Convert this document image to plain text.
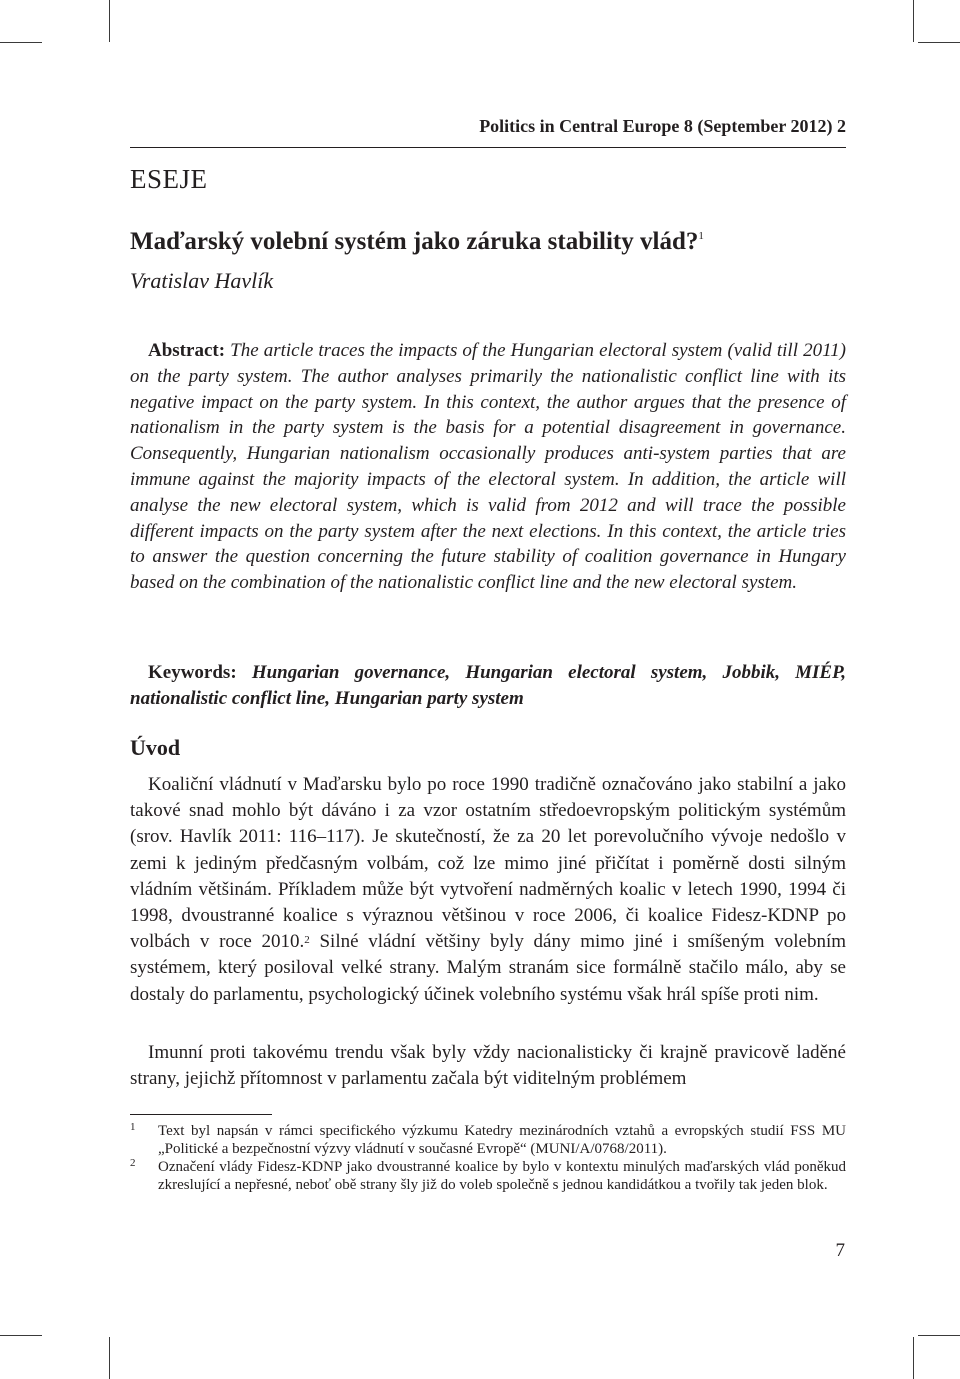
Politics in Central Europe 8 (September 2012) 2
ESEJE
Maďarský volební systém jako záruka stability vlád?$^1$
Vratislav Havlík

Abstract: The article traces the impacts of the Hungarian electoral system (valid till 2011) on the party system. The author analyses primarily the nationalistic conflict line with its negative impact on the party system. In this context, the author argues that the presence of nationalism in the party system is the basis for a potential disagreement in governance. Consequently, Hungarian nationalism occasionally produces anti-system parties that are immune against the majority impacts of the electoral system. In addition, the article will analyse the new electoral system, which is valid from 2012 and will trace the possible different impacts on the party system after the next elections. In this context, the article tries to answer the question concerning the future stability of coalition governance in Hungary based on the combination of the nationalistic conflict line and the new electoral system.

Keywords: Hungarian governance, Hungarian electoral system, Jobbik, MIÉP, nationalistic conflict line, Hungarian party system

Úvod

Koaliční vládnutí v Maďarsku bylo po roce 1990 tradičně označováno jako stabilní a jako takové snad mohlo být dáváno i za vzor ostatním středoevropským politickým systémům (srov. Havlík 2011: 116–117). Je skutečností, že za 20 let porevolučního vývoje nedošlo v zemi k jediným předčasným volbám, což lze mimo jiné přičítat i poměrně dosti silným vládním většinám. Příkladem může být vytvoření nadměrných koalic v letech 1990, 1994 či 1998, dvoustranné koalice s výraznou většinou v roce 2006, či koalice Fidesz-KDNP po volbách v roce 2010.$^2$ Silné vládní většiny byly dány mimo jiné i smíšeným volebním systémem, který posiloval velké strany. Malým stranám sice formálně stačilo málo, aby se dostaly do parlamentu, psychologický účinek volebního systému však hrál spíše proti nim.

Imunní proti takovému trendu však byly vždy nacionalisticky či krajně pravicově laděné strany, jejichž přítomnost v parlamentu začala být viditelným problémem

1 Text byl napsán v rámci specifického výzkumu Katedry mezinárodních vztahů a evropských studií FSS MU „Politické a bezpečnostní výzvy vládnutí v současné Evropě“ (MUNI/A/0768/2011).
2 Označení vlády Fidesz-KDNP jako dvoustranné koalice by bylo v kontextu minulých maďarských vlád poněkud zkreslující a nepřesné, neboť obě strany šly již do voleb společně s jednou kandidátkou a tvořily tak jeden blok.
7
